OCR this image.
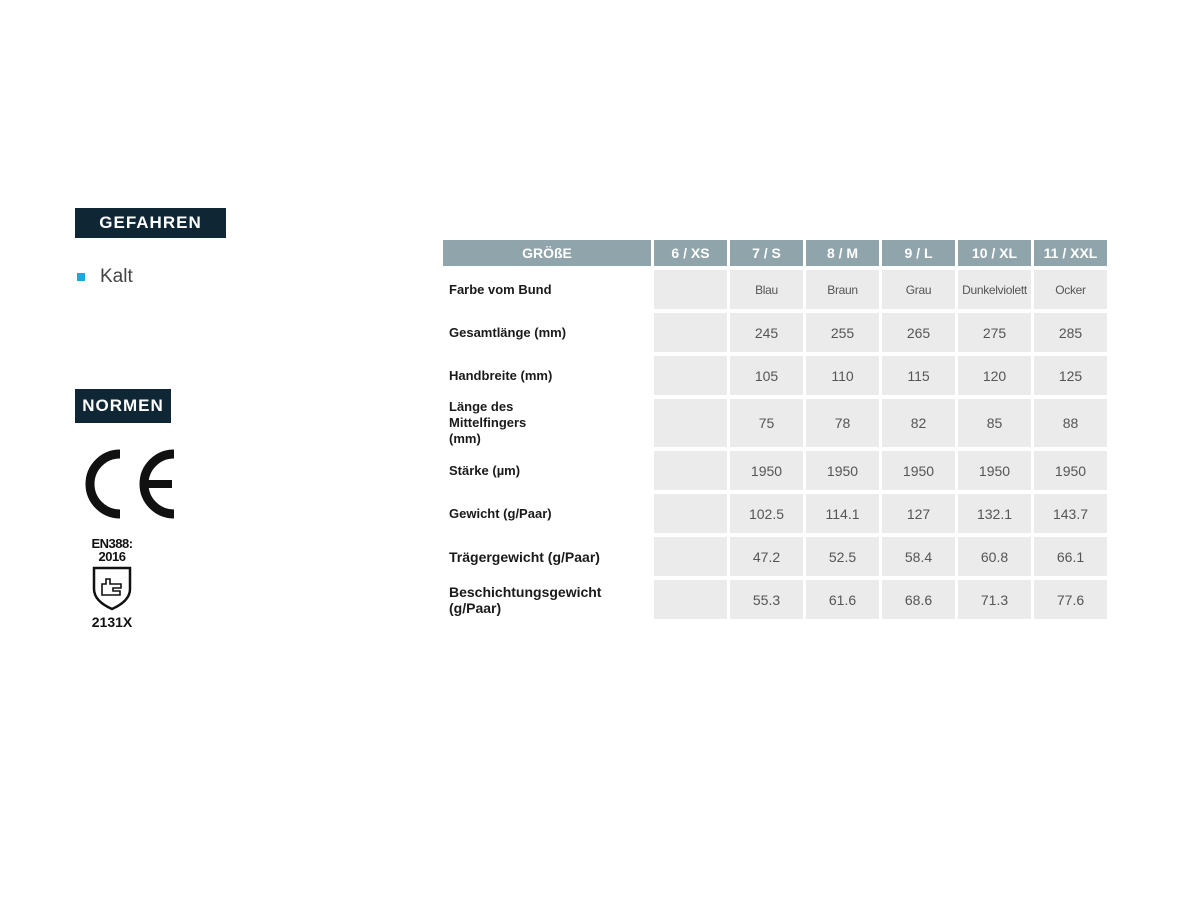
GEFAHREN
Kalt
NORMEN
EN388:
2016
2131X
GRÖßE	6 / XS	7 / S	8 / M	9 / L	10 / XL	11 / XXL
Farbe vom Bund		Blau	Braun	Grau	Dunkelviolett	Ocker
Gesamtlänge (mm)		245	255	265	275	285
Handbreite (mm)		105	110	115	120	125
Länge des Mittelfingers (mm)		75	78	82	85	88
Stärke (µm)		1950	1950	1950	1950	1950
Gewicht (g/Paar)		102.5	114.1	127	132.1	143.7
Trägergewicht (g/Paar)		47.2	52.5	58.4	60.8	66.1
Beschichtungsgewicht (g/Paar)		55.3	61.6	68.6	71.3	77.6
